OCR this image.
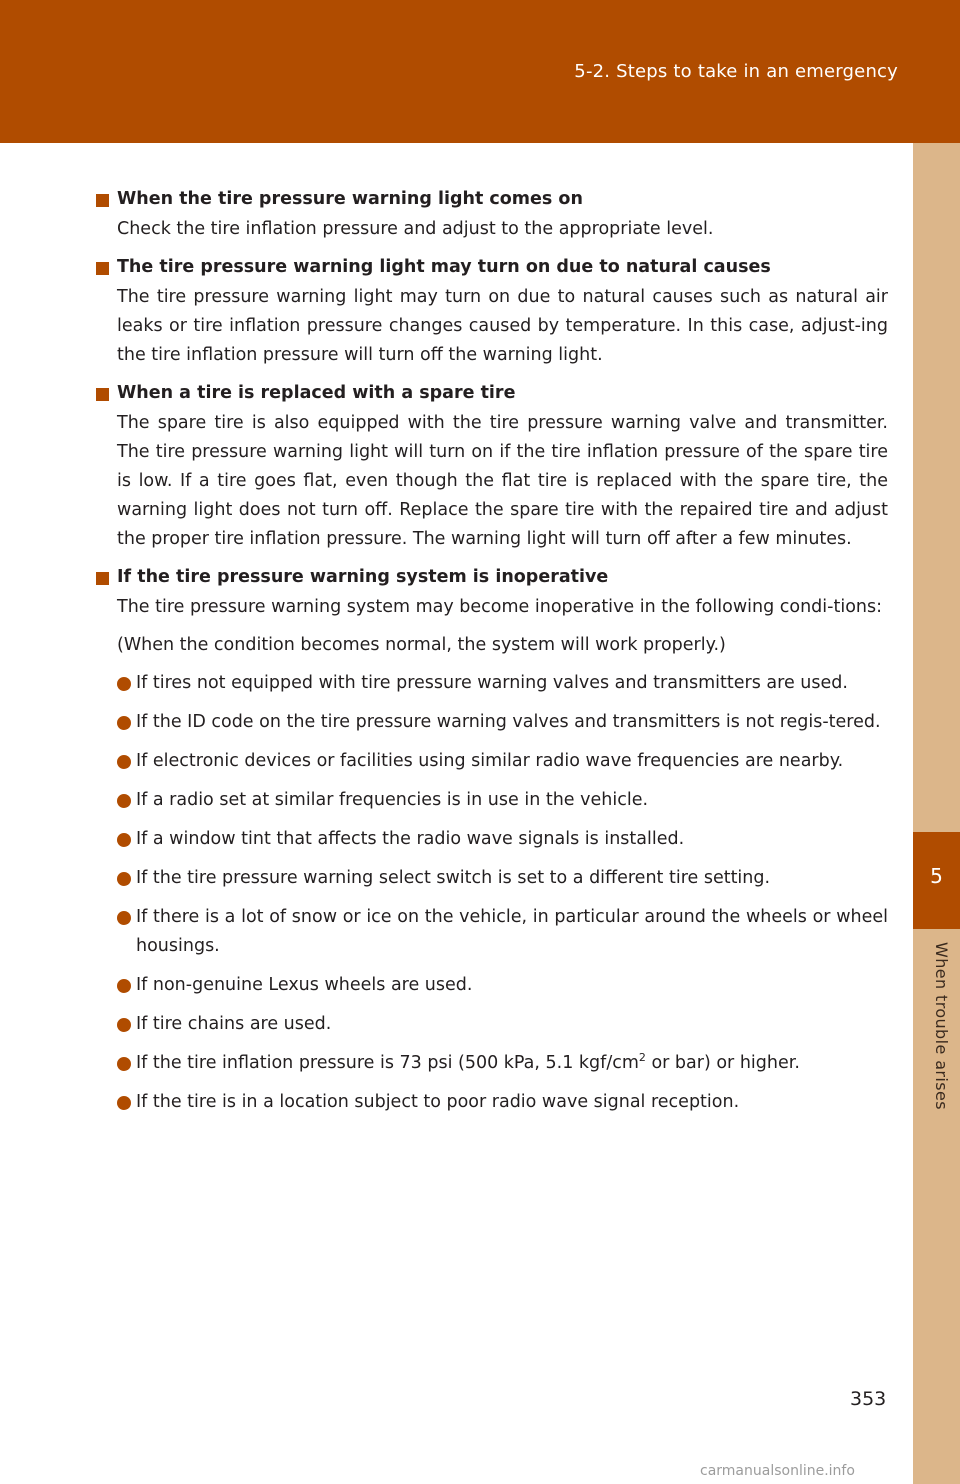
5-2. Steps to take in an emergency
5
When trouble arises
When the tire pressure warning light comes on

Check the tire inflation pressure and adjust to the appropriate level.

The tire pressure warning light may turn on due to natural causes

The tire pressure warning light may turn on due to natural causes such as natural air leaks or tire inflation pressure changes caused by temperature. In this case, adjust-ing the tire inflation pressure will turn off the warning light.

When a tire is replaced with a spare tire

The spare tire is also equipped with the tire pressure warning valve and transmitter. The tire pressure warning light will turn on if the tire inflation pressure of the spare tire is low. If a tire goes flat, even though the flat tire is replaced with the spare tire, the warning light does not turn off. Replace the spare tire with the repaired tire and adjust the proper tire inflation pressure. The warning light will turn off after a few minutes.

If the tire pressure warning system is inoperative

The tire pressure warning system may become inoperative in the following condi-tions:

(When the condition becomes normal, the system will work properly.)

If tires not equipped with tire pressure warning valves and transmitters are used.
If the ID code on the tire pressure warning valves and transmitters is not regis-tered.
If electronic devices or facilities using similar radio wave frequencies are nearby.
If a radio set at similar frequencies is in use in the vehicle.
If a window tint that affects the radio wave signals is installed.
If the tire pressure warning select switch is set to a different tire setting.
If there is a lot of snow or ice on the vehicle, in particular around the wheels or wheel housings.
If non-genuine Lexus wheels are used.
If tire chains are used.
If the tire inflation pressure is 73 psi (500 kPa, 5.1 kgf/$cm^2$ or bar) or higher.
If the tire is in a location subject to poor radio wave signal reception.
353
carmanualsonline.info
